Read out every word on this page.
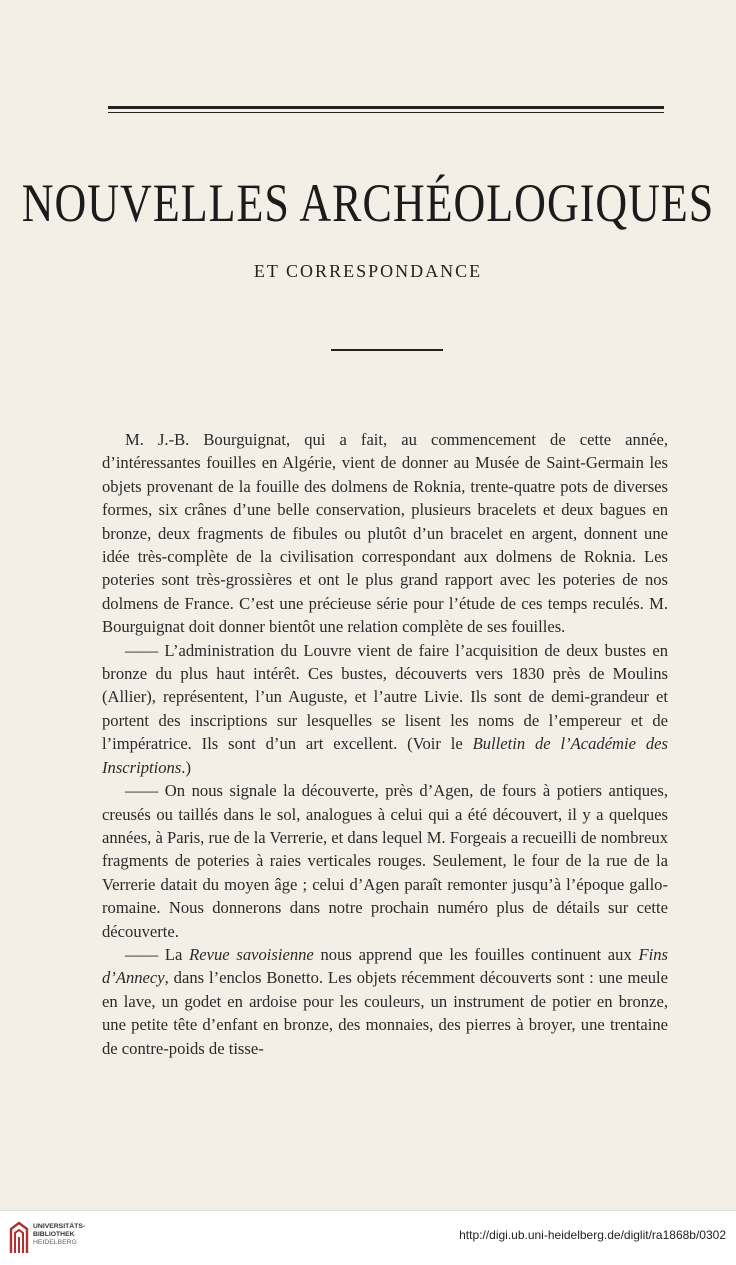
NOUVELLES ARCHÉOLOGIQUES
ET CORRESPONDANCE

M. J.-B. Bourguignat, qui a fait, au commencement de cette année, d’intéressantes fouilles en Algérie, vient de donner au Musée de Saint-Germain les objets provenant de la fouille des dolmens de Roknia, trente-quatre pots de diverses formes, six crânes d’une belle conservation, plusieurs bracelets et deux bagues en bronze, deux fragments de fibules ou plutôt d’un bracelet en argent, donnent une idée très-complète de la civilisation correspondant aux dolmens de Roknia. Les poteries sont très-grossières et ont le plus grand rapport avec les poteries de nos dolmens de France. C’est une précieuse série pour l’étude de ces temps reculés. M. Bourguignat doit donner bientôt une relation complète de ses fouilles.

—— L’administration du Louvre vient de faire l’acquisition de deux bustes en bronze du plus haut intérêt. Ces bustes, découverts vers 1830 près de Moulins (Allier), représentent, l’un Auguste, et l’autre Livie. Ils sont de demi-grandeur et portent des inscriptions sur lesquelles se lisent les noms de l’empereur et de l’impératrice. Ils sont d’un art excellent. (Voir le Bulletin de l’Académie des Inscriptions.)

—— On nous signale la découverte, près d’Agen, de fours à potiers antiques, creusés ou taillés dans le sol, analogues à celui qui a été découvert, il y a quelques années, à Paris, rue de la Verrerie, et dans lequel M. Forgeais a recueilli de nombreux fragments de poteries à raies verticales rouges. Seulement, le four de la rue de la Verrerie datait du moyen âge ; celui d’Agen paraît remonter jusqu’à l’époque gallo-romaine. Nous donnerons dans notre prochain numéro plus de détails sur cette découverte.

—— La Revue savoisienne nous apprend que les fouilles continuent aux Fins d’Annecy, dans l’enclos Bonetto. Les objets récemment découverts sont : une meule en lave, un godet en ardoise pour les couleurs, un instrument de potier en bronze, une petite tête d’enfant en bronze, des monnaies, des pierres à broyer, une trentaine de contre-poids de tisse-

UNIVERSITÄTS-
BIBLIOTHEK
HEIDELBERG
http://digi.ub.uni-heidelberg.de/diglit/ra1868b/0302
